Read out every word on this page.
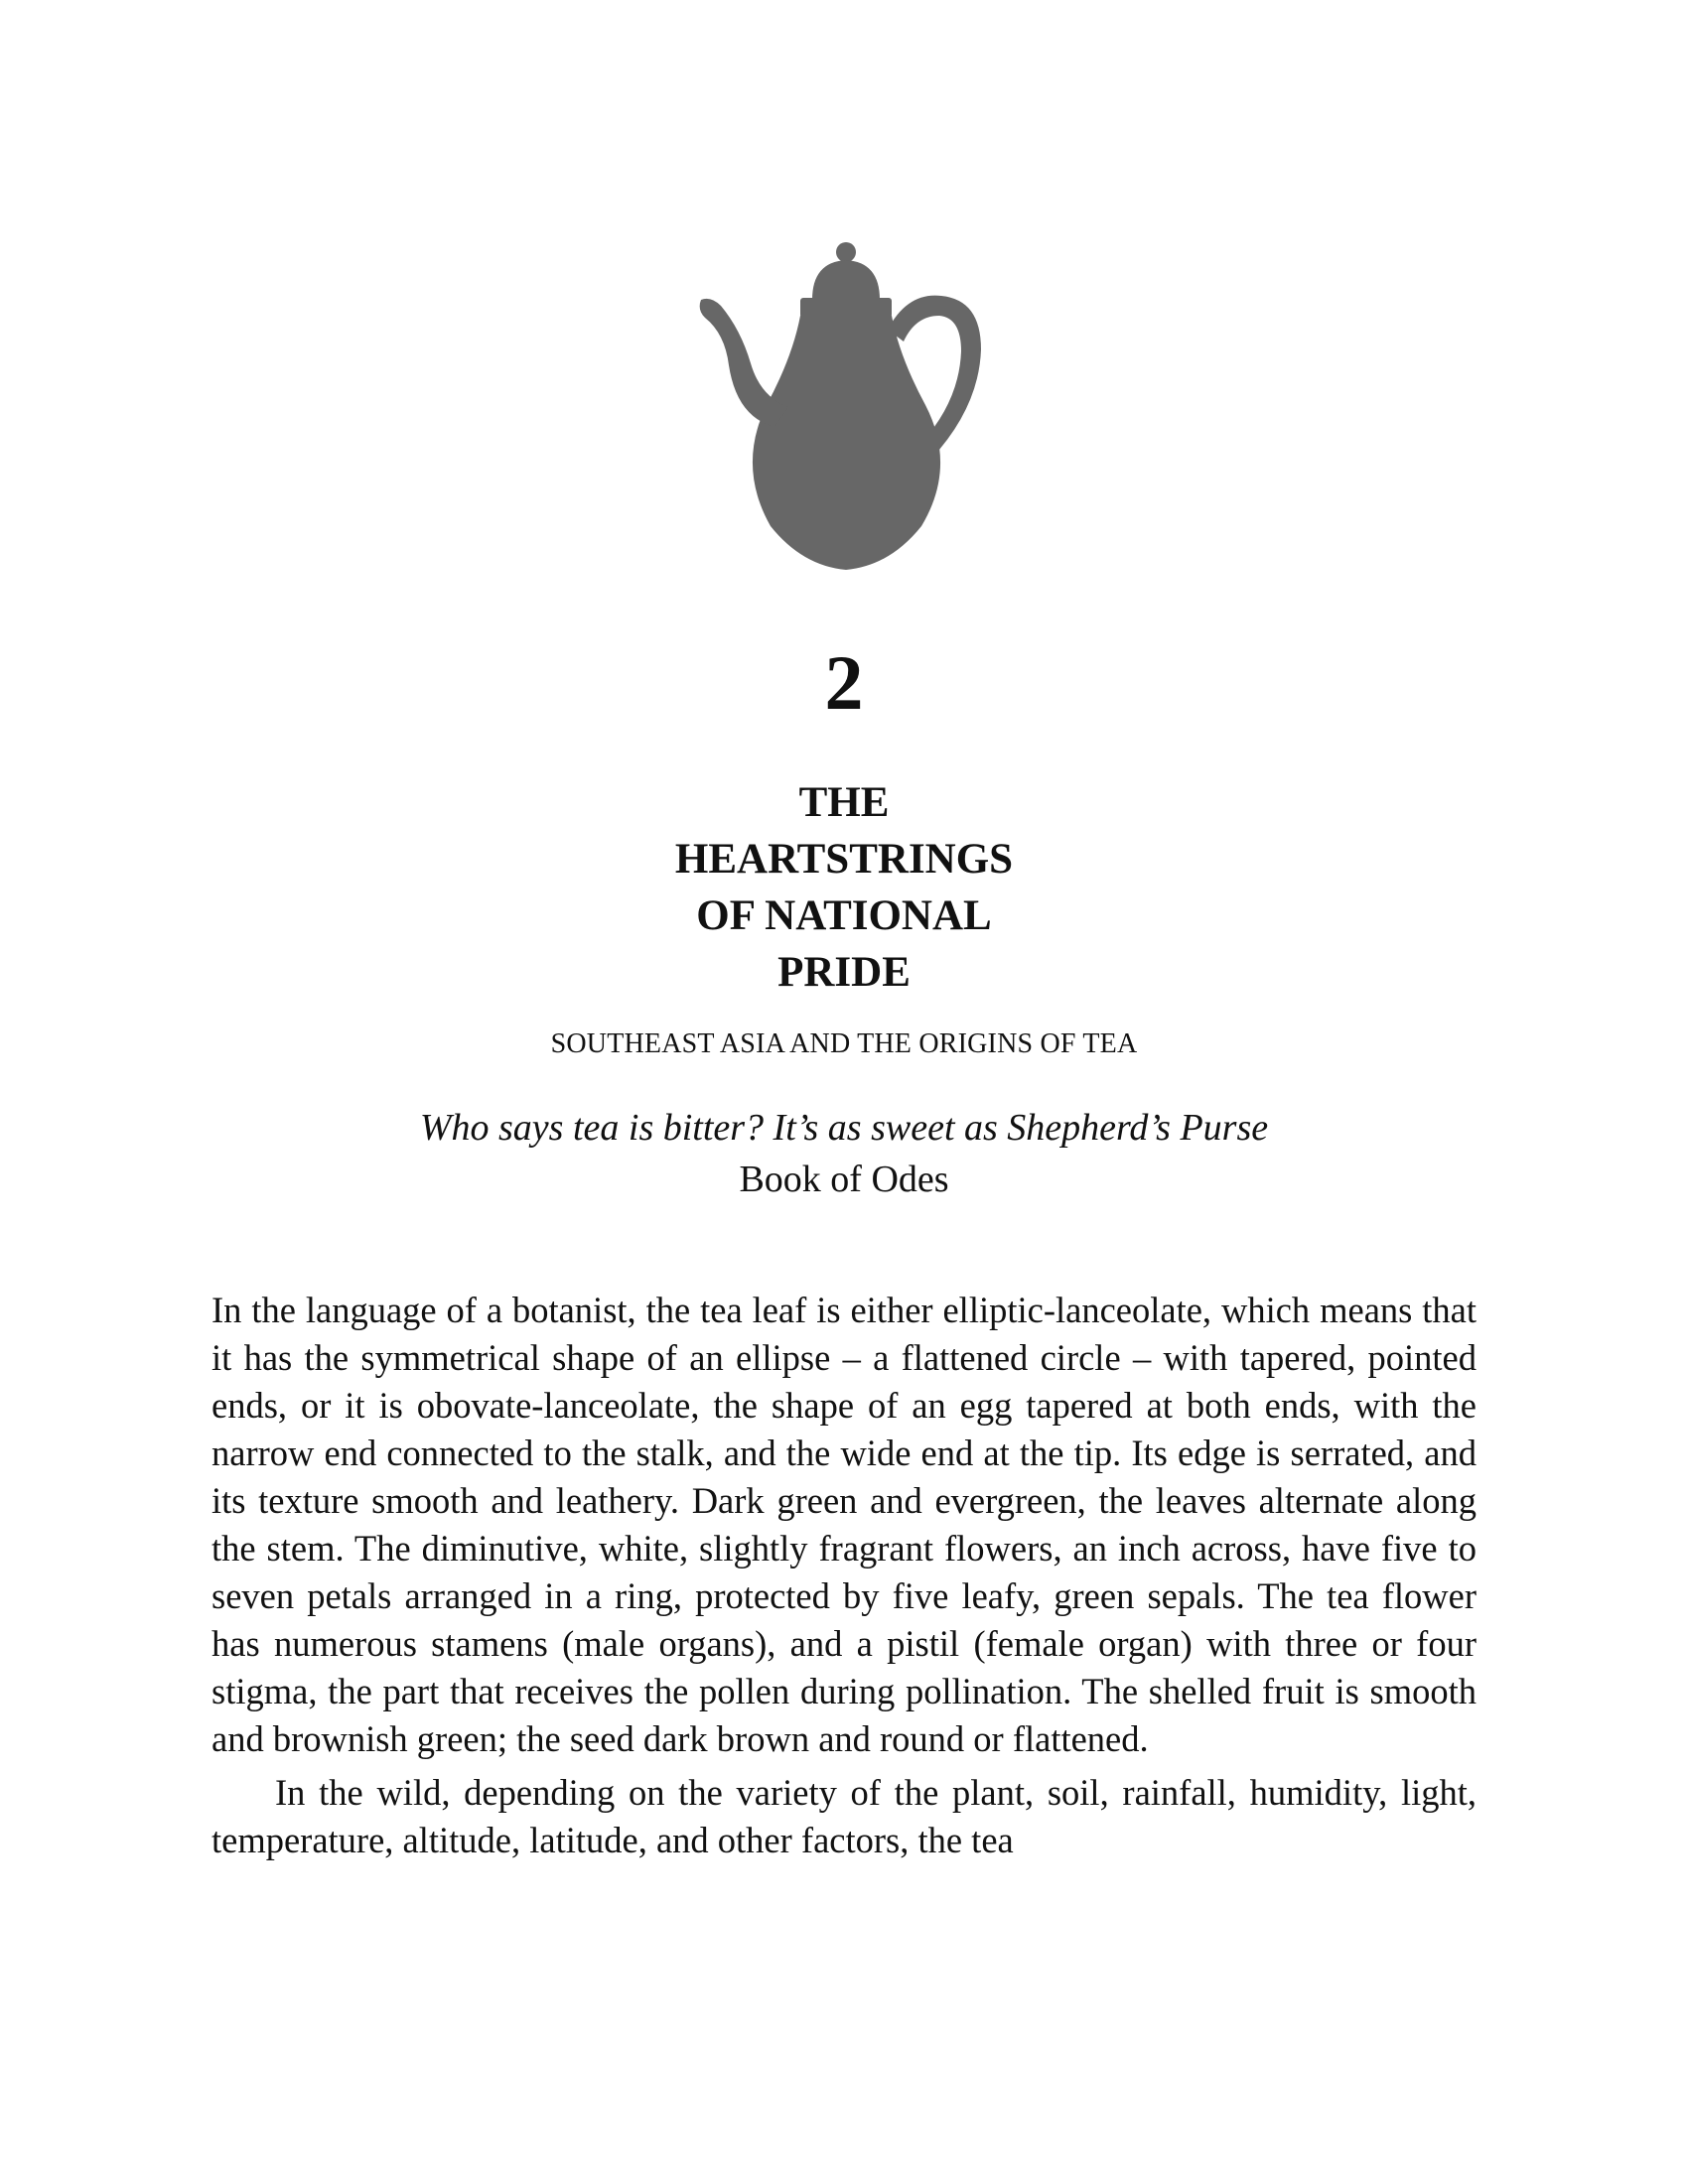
2
THE
HEARTSTRINGS
OF NATIONAL
PRIDE
SOUTHEAST ASIA AND THE ORIGINS OF TEA
Who says tea is bitter? It’s as sweet as Shepherd’s Purse
Book of Odes

In the language of a botanist, the tea leaf is either elliptic-lanceolate, which means that it has the symmetrical shape of an ellipse – a flattened circle – with tapered, pointed ends, or it is obovate-lanceolate, the shape of an egg tapered at both ends, with the narrow end connected to the stalk, and the wide end at the tip. Its edge is serrated, and its texture smooth and leathery. Dark green and evergreen, the leaves alternate along the stem. The diminutive, white, slightly fragrant flowers, an inch across, have five to seven petals arranged in a ring, protected by five leafy, green sepals. The tea flower has numerous stamens (male organs), and a pistil (female organ) with three or four stigma, the part that receives the pollen during pollination. The shelled fruit is smooth and brownish green; the seed dark brown and round or flattened.

In the wild, depending on the variety of the plant, soil, rainfall, humidity, light, temperature, altitude, latitude, and other factors, the tea
